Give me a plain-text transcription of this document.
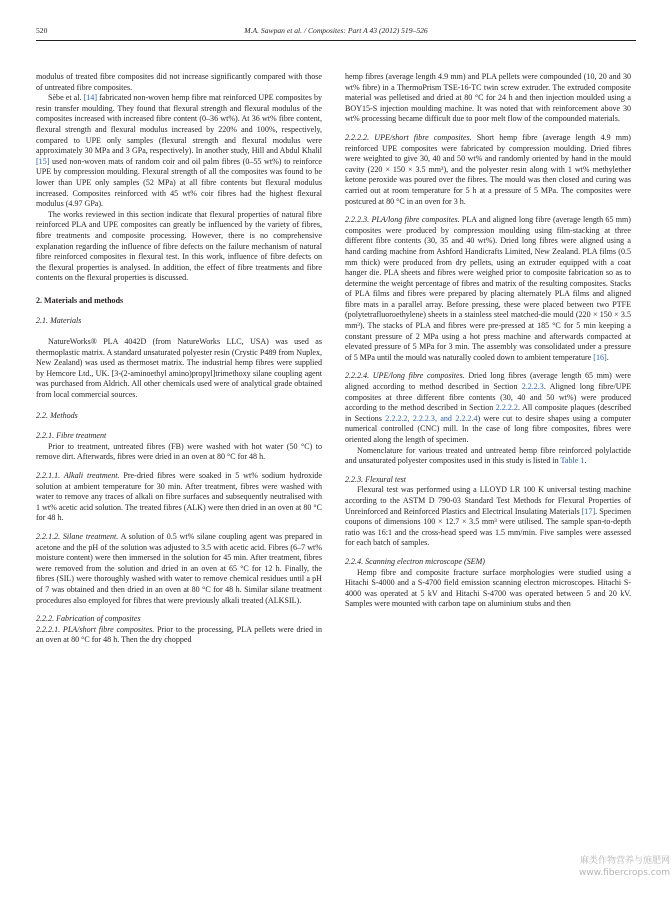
520	M.A. Sawpan et al. / Composites: Part A 43 (2012) 519–526

modulus of treated fibre composites did not increase significantly compared with those of untreated fibre composites.

Sèbe et al. [14] fabricated non-woven hemp fibre mat reinforced UPE composites by resin transfer moulding. They found that flexural strength and flexural modulus of the composites increased with increased fibre content (0–36 wt%). At 36 wt% fibre content, flexural strength and flexural modulus increased by 220% and 100%, respectively, compared to UPE only samples (flexural strength and flexural modulus were approximately 30 MPa and 3 GPa, respectively). In another study, Hill and Abdul Khalil [15] used non-woven mats of random coir and oil palm fibres (0–55 wt%) to reinforce UPE by compression moulding. Flexural strength of all the composites was found to be lower than UPE only samples (52 MPa) at all fibre contents but flexural modulus increased. Composites reinforced with 45 wt% coir fibres had the highest flexural modulus (4.97 GPa).

The works reviewed in this section indicate that flexural properties of natural fibre reinforced PLA and UPE composites can greatly be influenced by the variety of fibres, fibre treatments and composite processing. However, there is no comprehensive explanation regarding the influence of fibre defects on the failure mechanism of natural fibre reinforced composites in flexural test. In this work, influence of fibre defects on the flexural properties is analysed. In addition, the effect of fibre treatments and fibre contents on the flexural properties is discussed.

2. Materials and methods

2.1. Materials

NatureWorks® PLA 4042D (from NatureWorks LLC, USA) was used as thermoplastic matrix. A standard unsaturated polyester resin (Crystic P489 from Nuplex, New Zealand) was used as thermoset matrix. The industrial hemp fibres were supplied by Hemcore Ltd., UK. [3-(2-aminoethyl amino)propyl]trimethoxy silane coupling agent was purchased from Aldrich. All other chemicals used were of analytical grade obtained from local commercial sources.

2.2. Methods

2.2.1. Fibre treatment

Prior to treatment, untreated fibres (FB) were washed with hot water (50 °C) to remove dirt. Afterwards, fibres were dried in an oven at 80 °C for 48 h.

2.2.1.1. Alkali treatment. Pre-dried fibres were soaked in 5 wt% sodium hydroxide solution at ambient temperature for 30 min. After treatment, fibres were washed with water to remove any traces of alkali on fibre surfaces and subsequently neutralised with 1 wt% acetic acid solution. The treated fibres (ALK) were then dried in an oven at 80 °C for 48 h.

2.2.1.2. Silane treatment. A solution of 0.5 wt% silane coupling agent was prepared in acetone and the pH of the solution was adjusted to 3.5 with acetic acid. Fibres (6–7 wt% moisture content) were then immersed in the solution for 45 min. After treatment, fibres were removed from the solution and dried in an oven at 65 °C for 12 h. Finally, the fibres (SIL) were thoroughly washed with water to remove chemical residues until a pH of 7 was obtained and then dried in an oven at 80 °C for 48 h. Similar silane treatment procedures also employed for fibres that were previously alkali treated (ALKSIL).

2.2.2. Fabrication of composites

2.2.2.1. PLA/short fibre composites. Prior to the processing, PLA pellets were dried in an oven at 80 °C for 48 h. Then the dry chopped

hemp fibres (average length 4.9 mm) and PLA pellets were compounded (10, 20 and 30 wt% fibre) in a ThermoPrism TSE-16-TC twin screw extruder. The extruded composite material was pelletised and dried at 80 °C for 24 h and then injection moulded using a BOY15-S injection moulding machine. It was noted that with reinforcement above 30 wt% processing became difficult due to poor melt flow of the compounded materials.

2.2.2.2. UPE/short fibre composites. Short hemp fibre (average length 4.9 mm) reinforced UPE composites were fabricated by compression moulding. Dried fibres were weighted to give 30, 40 and 50 wt% and randomly oriented by hand in the mould cavity (220 × 150 × 3.5 mm³), and the polyester resin along with 1 wt% methylether ketone peroxide was poured over the fibres. The mould was then closed and curing was carried out at room temperature for 5 h at a pressure of 5 MPa. The composites were postcured at 80 °C in an oven for 3 h.

2.2.2.3. PLA/long fibre composites. PLA and aligned long fibre (average length 65 mm) composites were produced by compression moulding using film-stacking at three different fibre contents (30, 35 and 40 wt%). Dried long fibres were aligned using a hand carding machine from Ashford Handicrafts Limited, New Zealand. PLA films (0.5 mm thick) were produced from dry pellets, using an extruder equipped with a coat hanger die. PLA sheets and fibres were weighed prior to composite fabrication so as to determine the weight percentage of fibres and matrix of the resulting composites. Stacks of PLA films and fibres were prepared by placing alternately PLA films and aligned fibre mats in a parallel array. Before pressing, these were placed between two PTFE (polytetrafluoroethylene) sheets in a stainless steel matched-die mould (220 × 150 × 3.5 mm³). The stacks of PLA and fibres were pre-pressed at 185 °C for 5 min keeping a constant pressure of 2 MPa using a hot press machine and afterwards compacted at elevated pressure of 5 MPa for 3 min. The assembly was consolidated under a pressure of 5 MPa until the mould was naturally cooled down to ambient temperature [16].

2.2.2.4. UPE/long fibre composites. Dried long fibres (average length 65 mm) were aligned according to method described in Section 2.2.2.3. Aligned long fibre/UPE composites at three different fibre contents (30, 40 and 50 wt%) were produced according to the method described in Section 2.2.2.2. All composite plaques (described in Sections 2.2.2.2, 2.2.2.3, and 2.2.2.4) were cut to desire shapes using a computer numerical controlled (CNC) mill. In the case of long fibre composites, fibres were oriented along the length of specimen.

Nomenclature for various treated and untreated hemp fibre reinforced polylactide and unsaturated polyester composites used in this study is listed in Table 1.

2.2.3. Flexural test

Flexural test was performed using a LLOYD LR 100 K universal testing machine according to the ASTM D 790-03 Standard Test Methods for Flexural Properties of Unreinforced and Reinforced Plastics and Electrical Insulating Materials [17]. Specimen coupons of dimensions 100 × 12.7 × 3.5 mm³ were utilised. The sample span-to-depth ratio was 16:1 and the cross-head speed was 1.5 mm/min. Five samples were assessed for each batch of samples.

2.2.4. Scanning electron microscope (SEM)

Hemp fibre and composite fracture surface morphologies were studied using a Hitachi S-4000 and a S-4700 field emission scanning electron microscopes. Hitachi S-4000 was operated at 5 kV and Hitachi S-4700 was operated between 5 and 20 kV. Samples were mounted with carbon tape on aluminium stubs and then

麻类作物营养与施肥网
www.fibercrops.com
